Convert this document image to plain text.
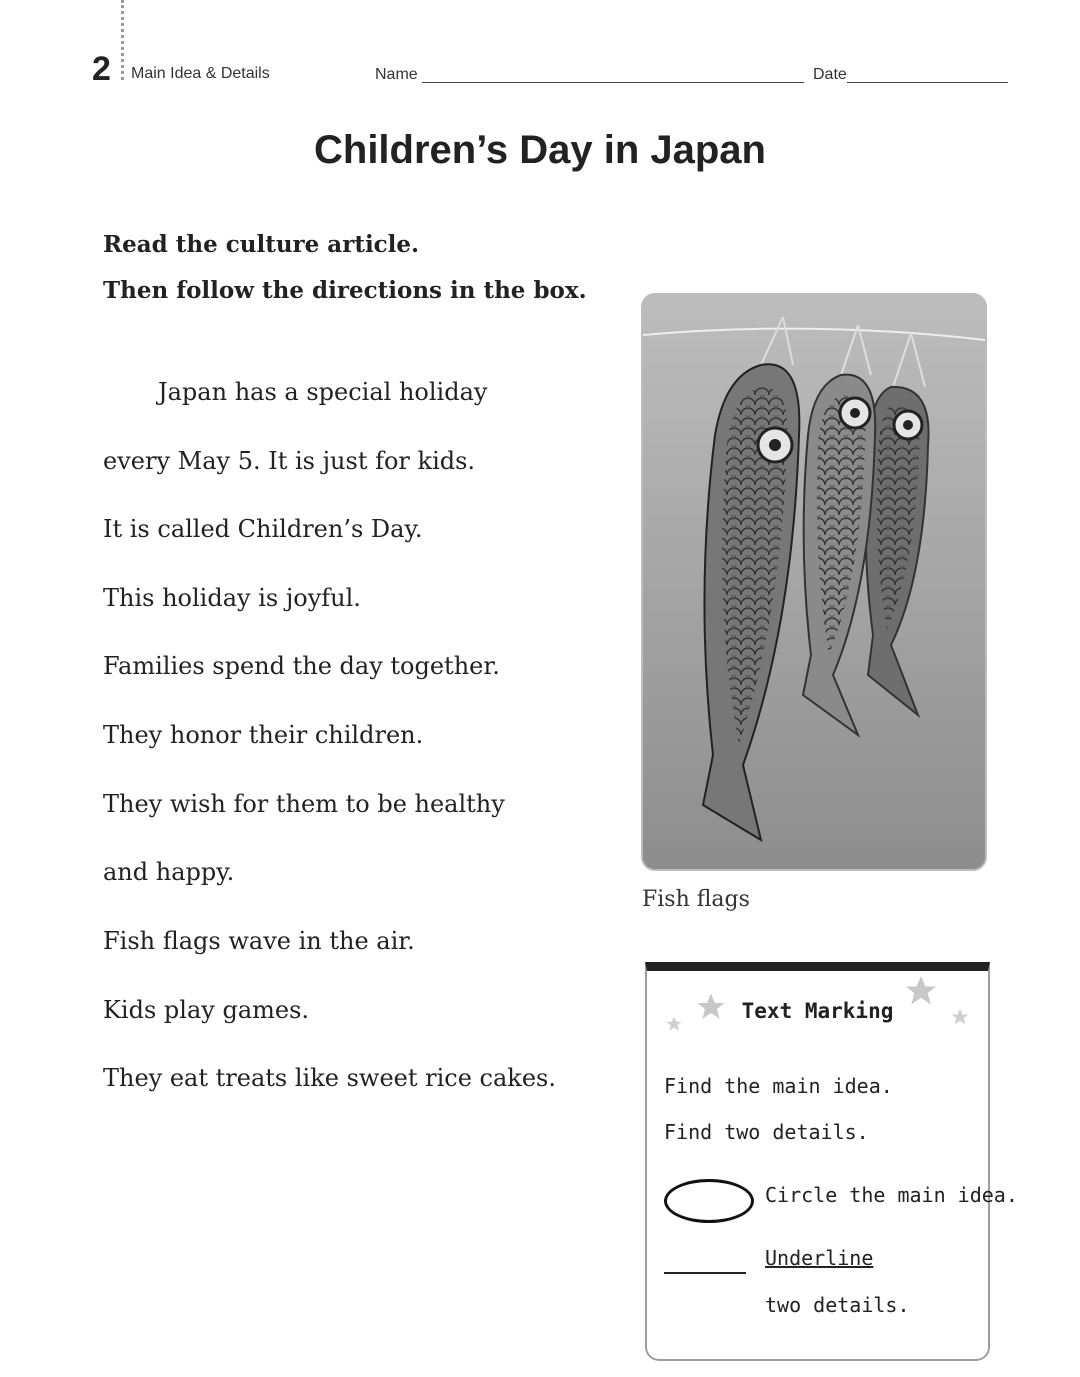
2 Main Idea & Details	Name	Date
Children’s Day in Japan
Read the culture article.
Then follow the directions in the box.
Japan has a special holiday
every May 5. It is just for kids.
It is called Children’s Day.
This holiday is joyful.
Families spend the day together.
They honor their children.
They wish for them to be healthy
and happy.
Fish flags wave in the air.
Kids play games.
They eat treats like sweet rice cakes.
Fish flags
Text Marking
Find the main idea.
Find two details.
Circle the main idea.
Underline
two details.
